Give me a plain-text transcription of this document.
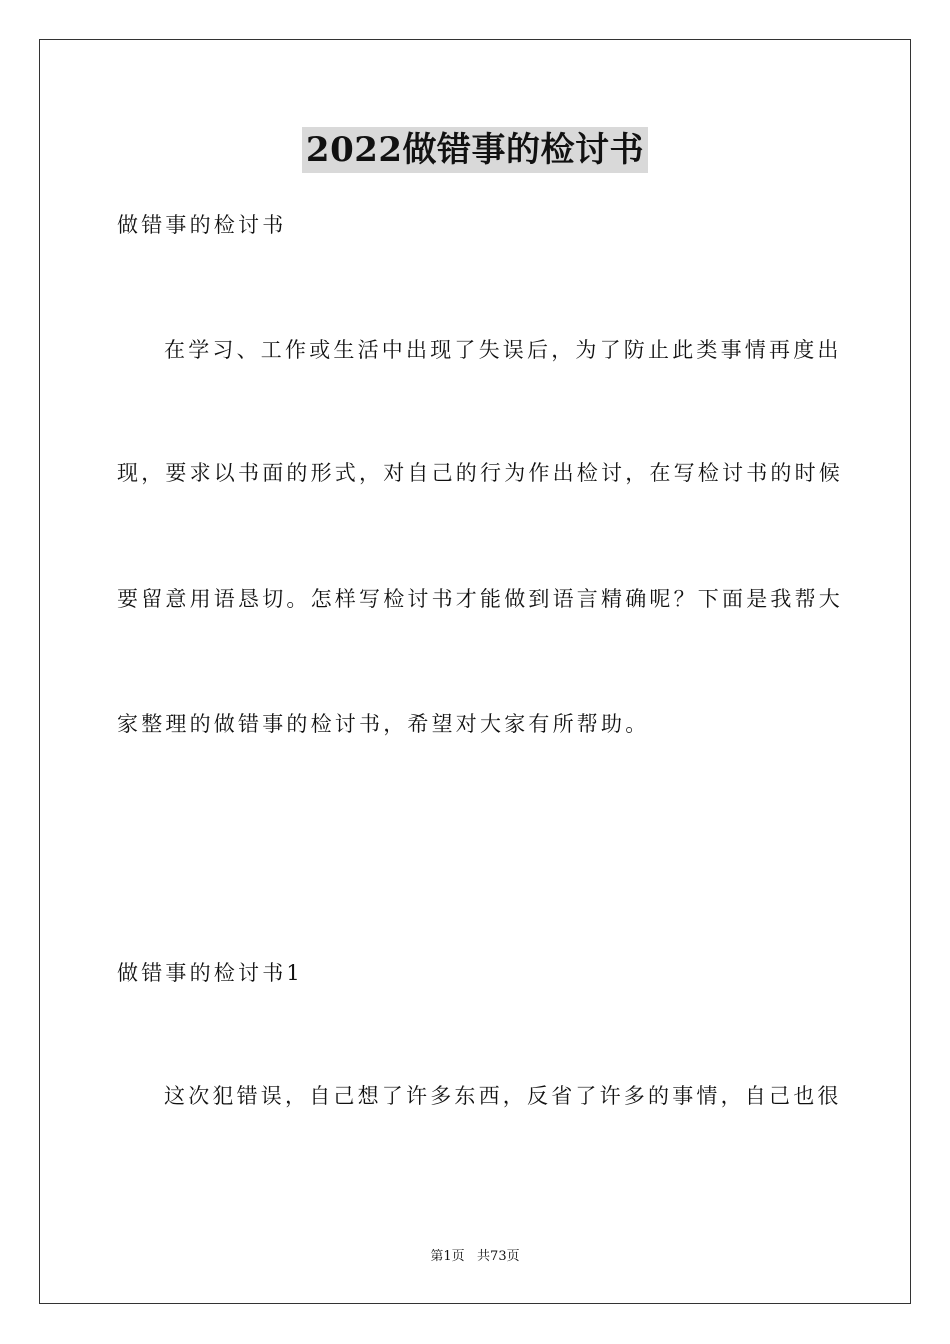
2022做错事的检讨书
做错事的检讨书
在学习、工作或生活中出现了失误后，为了防止此类事情再度出
现，要求以书面的形式，对自己的行为作出检讨，在写检讨书的时候
要留意用语恳切。怎样写检讨书才能做到语言精确呢？下面是我帮大
家整理的做错事的检讨书，希望对大家有所帮助。
做错事的检讨书1
这次犯错误，自己想了许多东西，反省了许多的事情，自己也很
第1页   共73页
